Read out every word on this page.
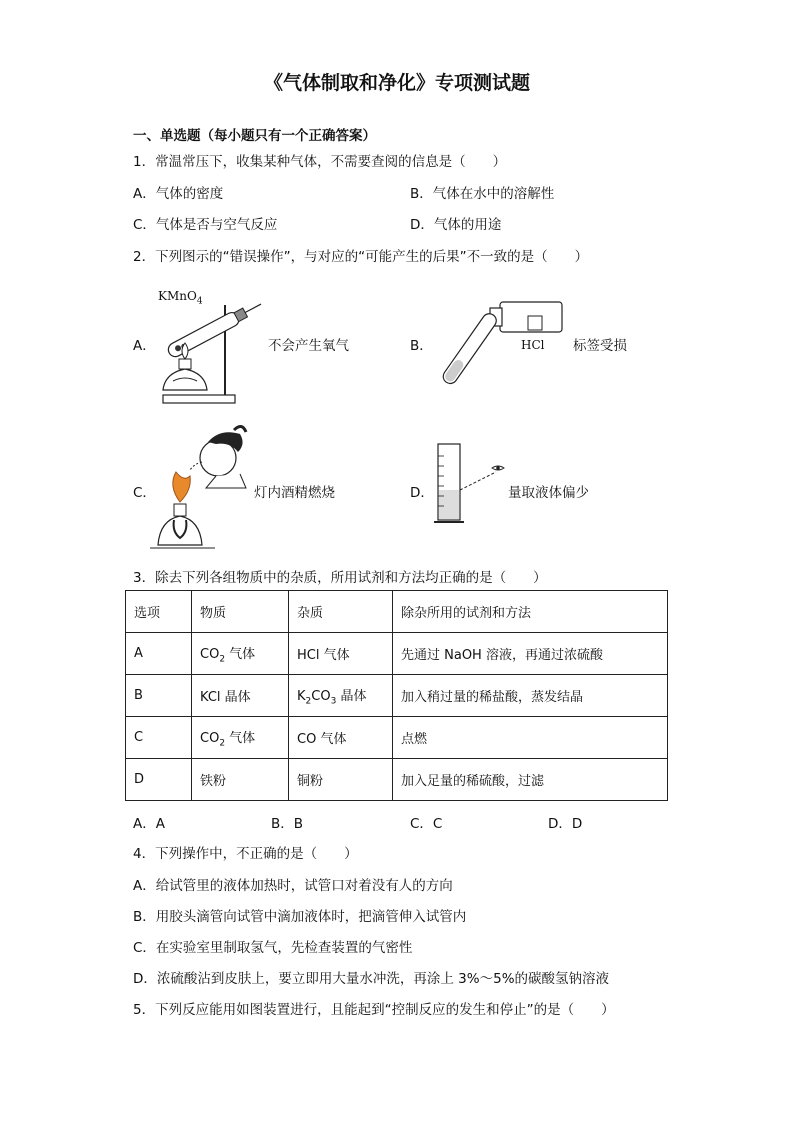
《气体制取和净化》专项测试题
一、单选题（每小题只有一个正确答案）
1．常温常压下，收集某种气体，不需要查阅的信息是（　　）
A．气体的密度	B．气体在水中的溶解性
C．气体是否与空气反应	D．气体的用途
2．下列图示的“错误操作”，与对应的“可能产生的后果”不一致的是（　　）
A．
KMnO$_4$
不会产生氧气	B．	HCl 标签受损
C．	灯内酒精燃烧	D．	量取液体偏少
3．除去下列各组物质中的杂质，所用试剂和方法均正确的是（　　）
选项	物质	杂质	除杂所用的试剂和方法
A	$CO_2$ 气体	HCl 气体	先通过 NaOH 溶液，再通过浓硫酸
B	KCl 晶体	$K_2CO_3$ 晶体	加入稍过量的稀盐酸，蒸发结晶
C	$CO_2$ 气体	CO 气体	点燃
D	铁粉	铜粉	加入足量的稀硫酸，过滤
A．A	B．B	C．C	D．D
4．下列操作中，不正确的是（　　）
A．给试管里的液体加热时，试管口对着没有人的方向
B．用胶头滴管向试管中滴加液体时，把滴管伸入试管内
C．在实验室里制取氢气，先检查装置的气密性
D．浓硫酸沾到皮肤上，要立即用大量水冲洗，再涂上 3%～5%的碳酸氢钠溶液
5．下列反应能用如图装置进行，且能起到“控制反应的发生和停止”的是（　　）
